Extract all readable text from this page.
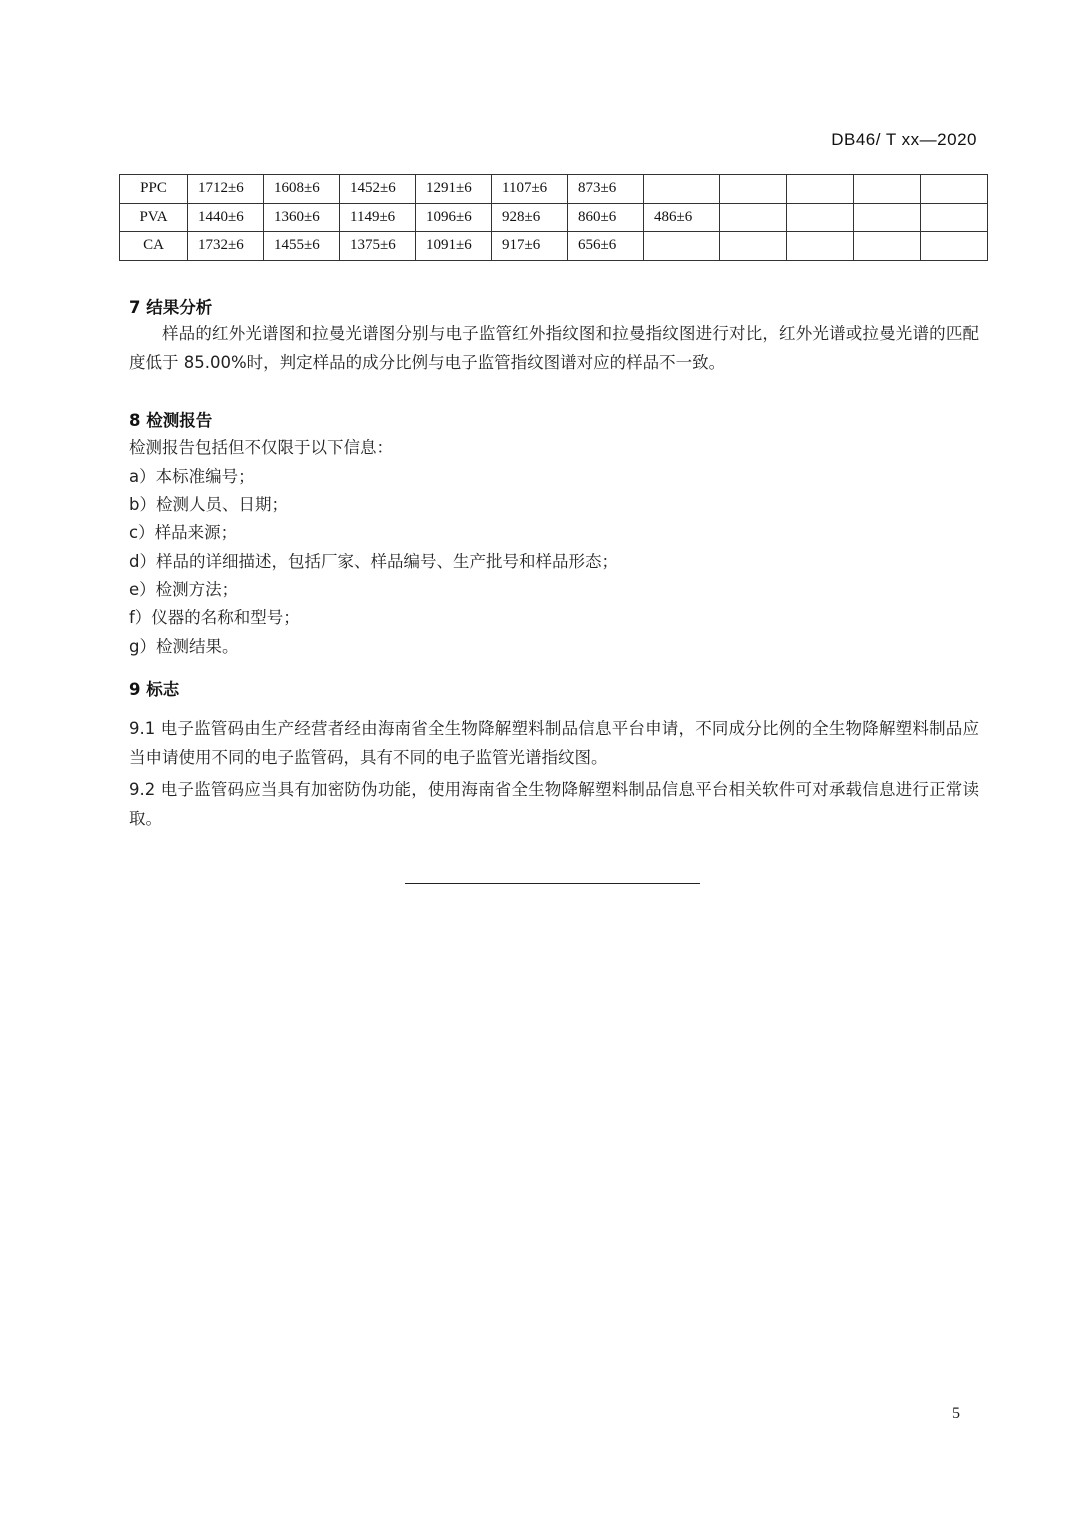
DB46/ T xx—2020
PPC	1712±6	1608±6	1452±6	1291±6	1107±6	873±6					
PVA	1440±6	1360±6	1149±6	1096±6	928±6	860±6	486±6				
CA	1732±6	1455±6	1375±6	1091±6	917±6	656±6					
7 结果分析
样品的红外光谱图和拉曼光谱图分别与电子监管红外指纹图和拉曼指纹图进行对比，红外光谱或拉曼光谱的匹配度低于 85.00%时，判定样品的成分比例与电子监管指纹图谱对应的样品不一致。
8 检测报告
检测报告包括但不仅限于以下信息：
a）本标准编号；
b）检测人员、日期；
c）样品来源；
d）样品的详细描述，包括厂家、样品编号、生产批号和样品形态；
e）检测方法；
f）仪器的名称和型号；
g）检测结果。
9 标志
9.1 电子监管码由生产经营者经由海南省全生物降解塑料制品信息平台申请，不同成分比例的全生物降解塑料制品应当申请使用不同的电子监管码，具有不同的电子监管光谱指纹图。
9.2 电子监管码应当具有加密防伪功能，使用海南省全生物降解塑料制品信息平台相关软件可对承载信息进行正常读取。
5
